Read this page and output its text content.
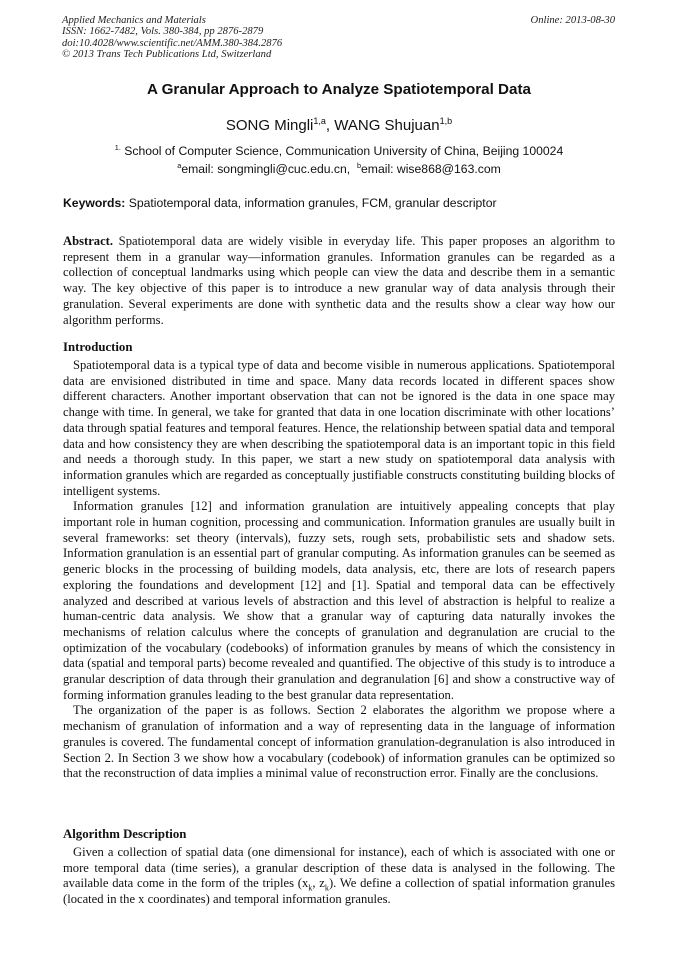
Applied Mechanics and Materials
ISSN: 1662-7482, Vols. 380-384, pp 2876-2879
doi:10.4028/www.scientific.net/AMM.380-384.2876
© 2013 Trans Tech Publications Ltd, Switzerland
Online: 2013-08-30
A Granular Approach to Analyze Spatiotemporal Data
SONG Mingli$^{1,a}$, WANG Shujuan$^{1,b}$
$^{1.}$ School of Computer Science, Communication University of China, Beijing 100024
$^a$email: songmingli@cuc.edu.cn, $^b$email: wise868@163.com
Keywords: Spatiotemporal data, information granules, FCM, granular descriptor

Abstract. Spatiotemporal data are widely visible in everyday life. This paper proposes an algorithm to represent them in a granular way—information granules. Information granules can be regarded as a collection of conceptual landmarks using which people can view the data and describe them in a semantic way. The key objective of this paper is to introduce a new granular way of data analysis through their granulation. Several experiments are done with synthetic data and the results show a clear way how our algorithm performs.

Introduction

Spatiotemporal data is a typical type of data and become visible in numerous applications. Spatiotemporal data are envisioned distributed in time and space. Many data records located in different spaces show different characters. Another important observation that can not be ignored is the data in one space may change with time. In general, we take for granted that data in one location discriminate with other locations’ data through spatial features and temporal features. Hence, the relationship between spatial data and temporal data and how consistency they are when describing the spatiotemporal data is an important topic in this field and needs a thorough study. In this paper, we start a new study on spatiotemporal data analysis with information granules which are regarded as conceptually justifiable constructs constituting building blocks of intelligent systems.

Information granules [12] and information granulation are intuitively appealing concepts that play important role in human cognition, processing and communication. Information granules are usually built in several frameworks: set theory (intervals), fuzzy sets, rough sets, probabilistic sets and shadow sets. Information granulation is an essential part of granular computing. As information granules can be seemed as generic blocks in the processing of building models, data analysis, etc, there are lots of research papers exploring the foundations and development [12] and [1]. Spatial and temporal data can be effectively analyzed and described at various levels of abstraction and this level of abstraction is helpful to realize a human-centric data analysis. We show that a granular way of capturing data naturally invokes the mechanisms of relation calculus where the concepts of granulation and degranulation are crucial to the optimization of the vocabulary (codebooks) of information granules by means of which the consistency in data (spatial and temporal parts) become revealed and quantified. The objective of this study is to introduce a granular description of data through their granulation and degranulation [6] and show a constructive way of forming information granules leading to the best granular data representation.

The organization of the paper is as follows. Section 2 elaborates the algorithm we propose where a mechanism of granulation of information and a way of representing data in the language of information granules is covered. The fundamental concept of information granulation-degranulation is also introduced in Section 2. In Section 3 we show how a vocabulary (codebook) of information granules can be optimized so that the reconstruction of data implies a minimal value of reconstruction error. Finally are the conclusions.

Algorithm Description

Given a collection of spatial data (one dimensional for instance), each of which is associated with one or more temporal data (time series), a granular description of these data is analysed in the following. The available data come in the form of the triples ($x_k$, $z_k$). We define a collection of spatial information granules (located in the x coordinates) and temporal information granules.
